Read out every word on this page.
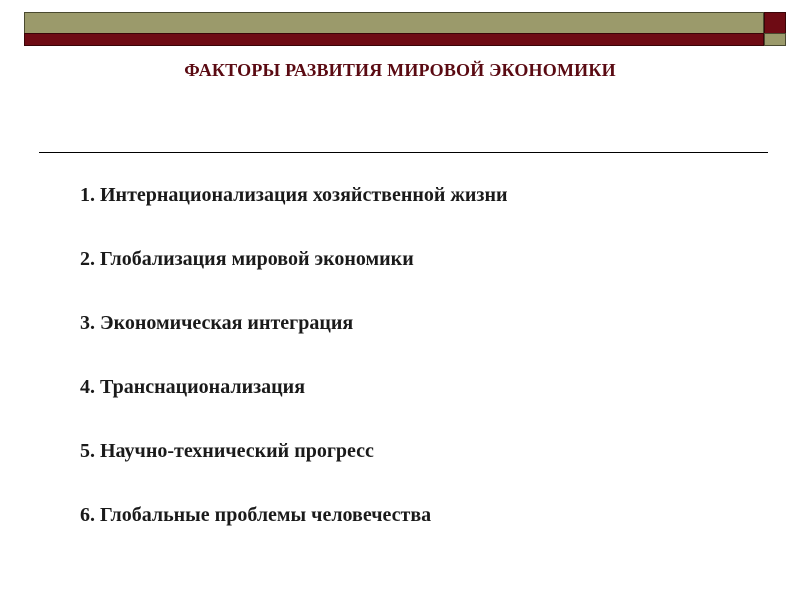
ФАКТОРЫ РАЗВИТИЯ МИРОВОЙ ЭКОНОМИКИ
1. Интернационализация хозяйственной жизни
2. Глобализация мировой экономики
3. Экономическая интеграция
4. Транснационализация
5. Научно-технический прогресс
6. Глобальные проблемы человечества
